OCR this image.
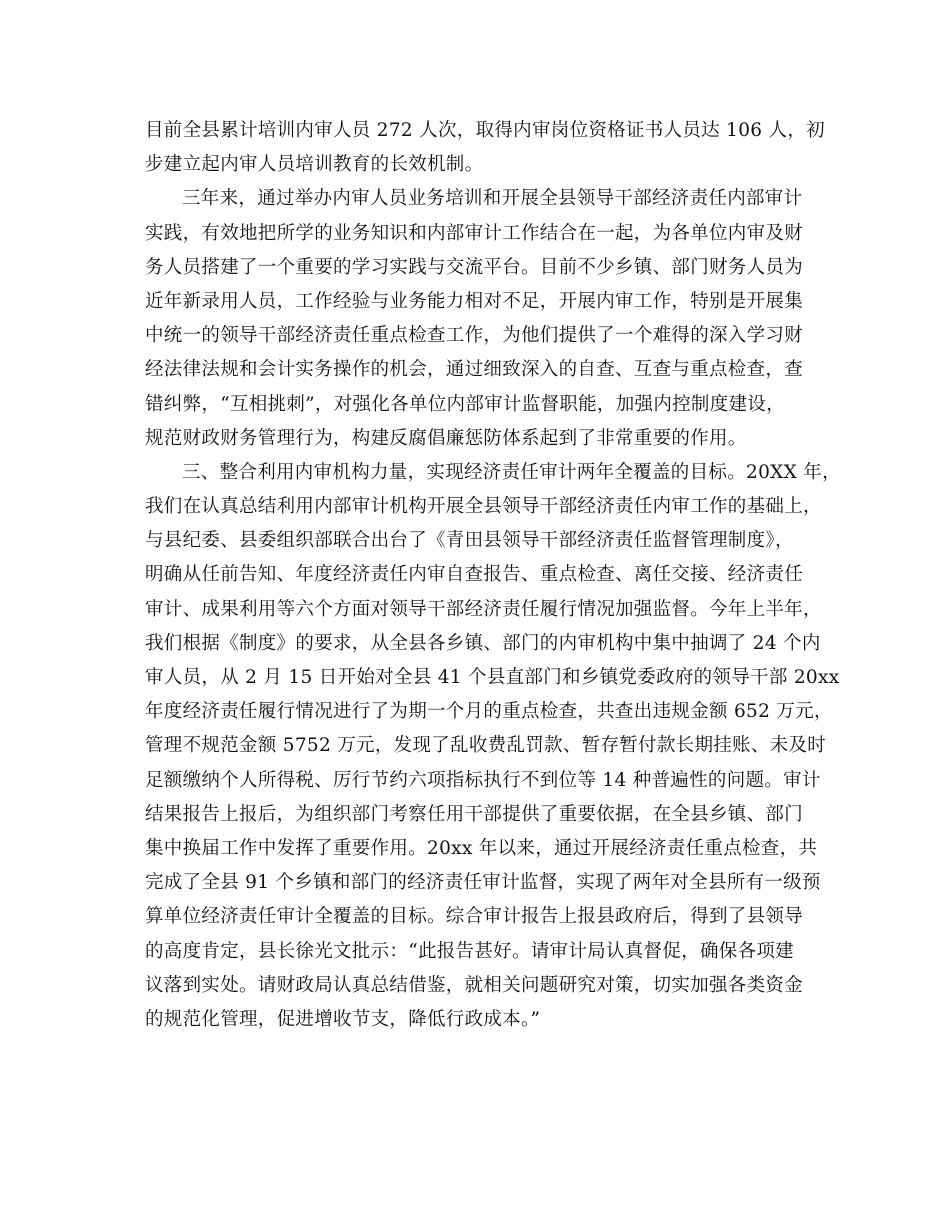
目前全县累计培训内审人员 272 人次，取得内审岗位资格证书人员达 106 人，初
步建立起内审人员培训教育的长效机制。
三年来，通过举办内审人员业务培训和开展全县领导干部经济责任内部审计
实践，有效地把所学的业务知识和内部审计工作结合在一起，为各单位内审及财
务人员搭建了一个重要的学习实践与交流平台。目前不少乡镇、部门财务人员为
近年新录用人员，工作经验与业务能力相对不足，开展内审工作，特别是开展集
中统一的领导干部经济责任重点检查工作，为他们提供了一个难得的深入学习财
经法律法规和会计实务操作的机会，通过细致深入的自查、互查与重点检查，查
错纠弊，“互相挑刺”，对强化各单位内部审计监督职能，加强内控制度建设，
规范财政财务管理行为，构建反腐倡廉惩防体系起到了非常重要的作用。
三、整合利用内审机构力量，实现经济责任审计两年全覆盖的目标。20XX 年，
我们在认真总结利用内部审计机构开展全县领导干部经济责任内审工作的基础上，
与县纪委、县委组织部联合出台了《青田县领导干部经济责任监督管理制度》，
明确从任前告知、年度经济责任内审自查报告、重点检查、离任交接、经济责任
审计、成果利用等六个方面对领导干部经济责任履行情况加强监督。今年上半年，
我们根据《制度》的要求，从全县各乡镇、部门的内审机构中集中抽调了 24 个内
审人员，从 2 月 15 日开始对全县 41 个县直部门和乡镇党委政府的领导干部 20xx
年度经济责任履行情况进行了为期一个月的重点检查，共查出违规金额 652 万元，
管理不规范金额 5752 万元，发现了乱收费乱罚款、暂存暂付款长期挂账、未及时
足额缴纳个人所得税、厉行节约六项指标执行不到位等 14 种普遍性的问题。审计
结果报告上报后，为组织部门考察任用干部提供了重要依据，在全县乡镇、部门
集中换届工作中发挥了重要作用。20xx 年以来，通过开展经济责任重点检查，共
完成了全县 91 个乡镇和部门的经济责任审计监督，实现了两年对全县所有一级预
算单位经济责任审计全覆盖的目标。综合审计报告上报县政府后，得到了县领导
的高度肯定，县长徐光文批示：“此报告甚好。请审计局认真督促，确保各项建
议落到实处。请财政局认真总结借鉴，就相关问题研究对策，切实加强各类资金
的规范化管理，促进增收节支，降低行政成本。”
